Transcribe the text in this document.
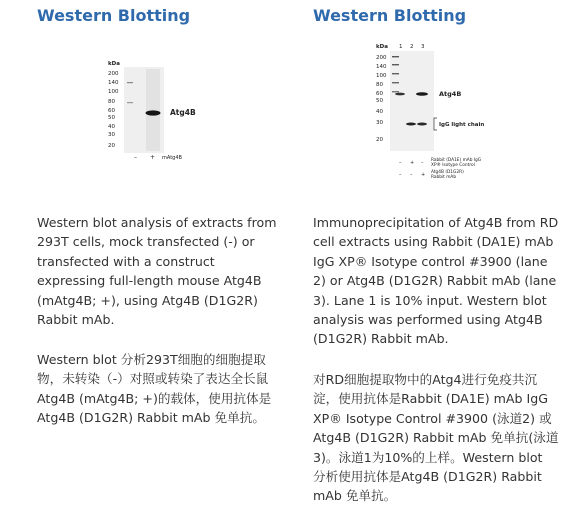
Western Blotting
kDa
200
140
100
80
60
50
40
30
20
Atg4B
– + mAtg4B

Western blot analysis of extracts from 293T cells, mock transfected (-) or transfected with a construct expressing full-length mouse Atg4B (mAtg4B; +), using Atg4B (D1G2R) Rabbit mAb.

Western blot 分析293T细胞的细胞提取物，未转染（-）对照或转染了表达全长鼠 Atg4B (mAtg4B; +)的载体，使用抗体是 Atg4B (D1G2R) Rabbit mAb 免单抗。

Western Blotting
kDa 1 2 3
200
140
100
80
60
50
40
30
20
Atg4B
IgG light chain
– + – Rabbit (DA1E) mAb IgG
XP® Isotype Control
– – + Atg4B (D1G2R)
Rabbit mAb

Immunoprecipitation of Atg4B from RD cell extracts using Rabbit (DA1E) mAb IgG XP® Isotype control #3900 (lane 2) or Atg4B (D1G2R) Rabbit mAb (lane 3). Lane 1 is 10% input. Western blot analysis was performed using Atg4B (D1G2R) Rabbit mAb.

对RD细胞提取物中的Atg4进行免疫共沉淀，使用抗体是Rabbit (DA1E) mAb IgG XP® Isotype Control #3900 (泳道2) 或 Atg4B (D1G2R) Rabbit mAb 免单抗(泳道3)。泳道1为10%的上样。Western blot 分析使用抗体是Atg4B (D1G2R) Rabbit mAb 免单抗。
